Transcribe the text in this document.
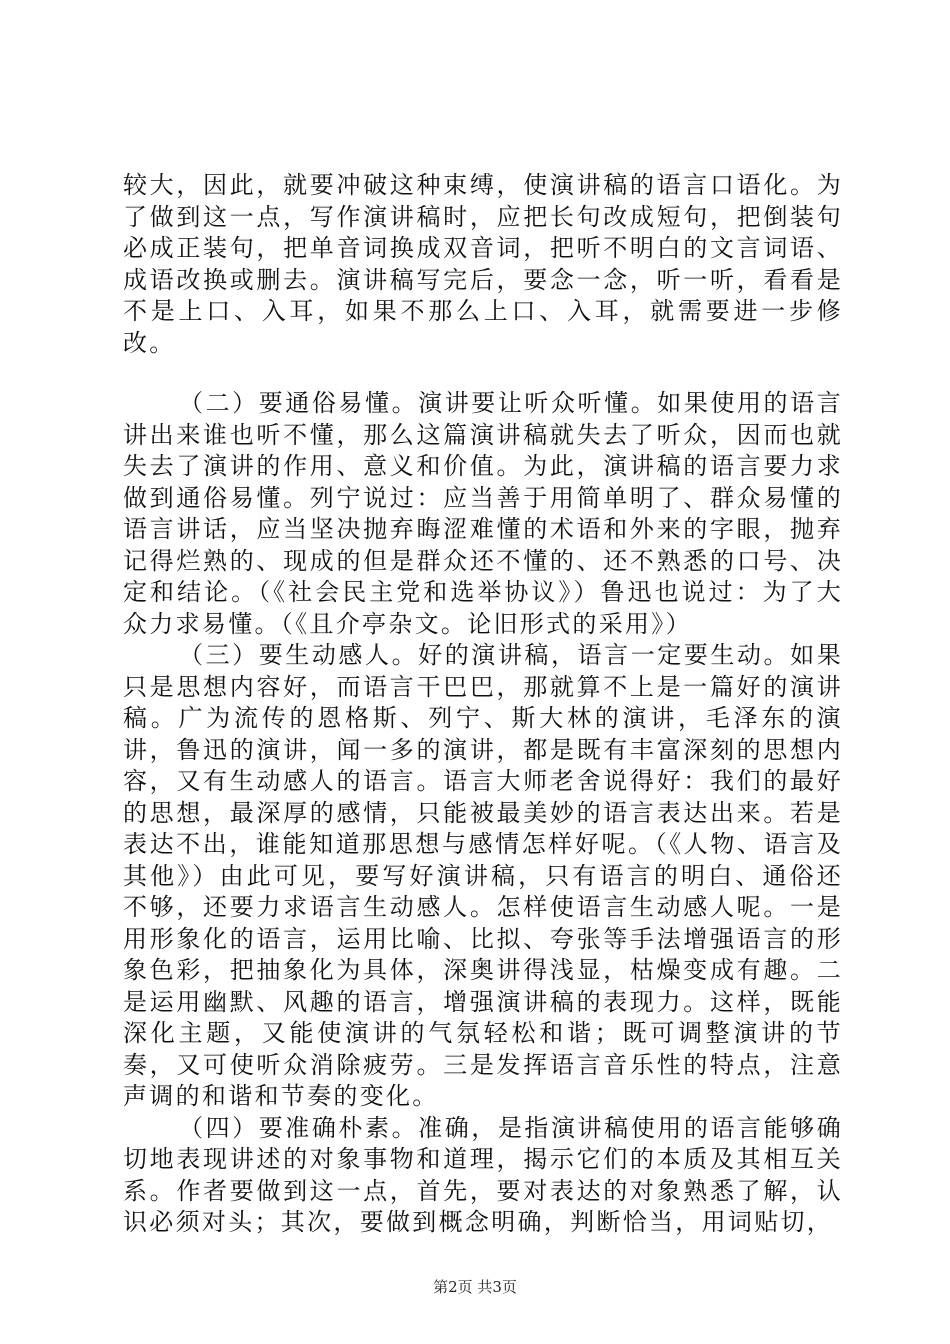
较大，因此，就要冲破这种束缚，使演讲稿的语言口语化。为了做到这一点，写作演讲稿时，应把长句改成短句，把倒装句必成正装句，把单音词换成双音词，把听不明白的文言词语、成语改换或删去。演讲稿写完后，要念一念，听一听，看看是不是上口、入耳，如果不那么上口、入耳，就需要进一步修改。

（二）要通俗易懂。演讲要让听众听懂。如果使用的语言讲出来谁也听不懂，那么这篇演讲稿就失去了听众，因而也就失去了演讲的作用、意义和价值。为此，演讲稿的语言要力求做到通俗易懂。列宁说过：应当善于用简单明了、群众易懂的语言讲话，应当坚决抛弃晦涩难懂的术语和外来的字眼，抛弃记得烂熟的、现成的但是群众还不懂的、还不熟悉的口号、决定和结论。（《社会民主党和选举协议》）鲁迅也说过：为了大众力求易懂。（《且介亭杂文。论旧形式的采用》）

（三）要生动感人。好的演讲稿，语言一定要生动。如果只是思想内容好，而语言干巴巴，那就算不上是一篇好的演讲稿。广为流传的恩格斯、列宁、斯大林的演讲，毛泽东的演讲，鲁迅的演讲，闻一多的演讲，都是既有丰富深刻的思想内容，又有生动感人的语言。语言大师老舍说得好：我们的最好的思想，最深厚的感情，只能被最美妙的语言表达出来。若是表达不出，谁能知道那思想与感情怎样好呢。（《人物、语言及其他》）由此可见，要写好演讲稿，只有语言的明白、通俗还不够，还要力求语言生动感人。怎样使语言生动感人呢。一是用形象化的语言，运用比喻、比拟、夸张等手法增强语言的形象色彩，把抽象化为具体，深奥讲得浅显，枯燥变成有趣。二是运用幽默、风趣的语言，增强演讲稿的表现力。这样，既能深化主题，又能使演讲的气氛轻松和谐；既可调整演讲的节奏，又可使听众消除疲劳。三是发挥语言音乐性的特点，注意声调的和谐和节奏的变化。

（四）要准确朴素。准确，是指演讲稿使用的语言能够确切地表现讲述的对象事物和道理，揭示它们的本质及其相互关系。作者要做到这一点，首先，要对表达的对象熟悉了解，认识必须对头；其次，要做到概念明确，判断恰当，用词贴切，

第2页 共3页
